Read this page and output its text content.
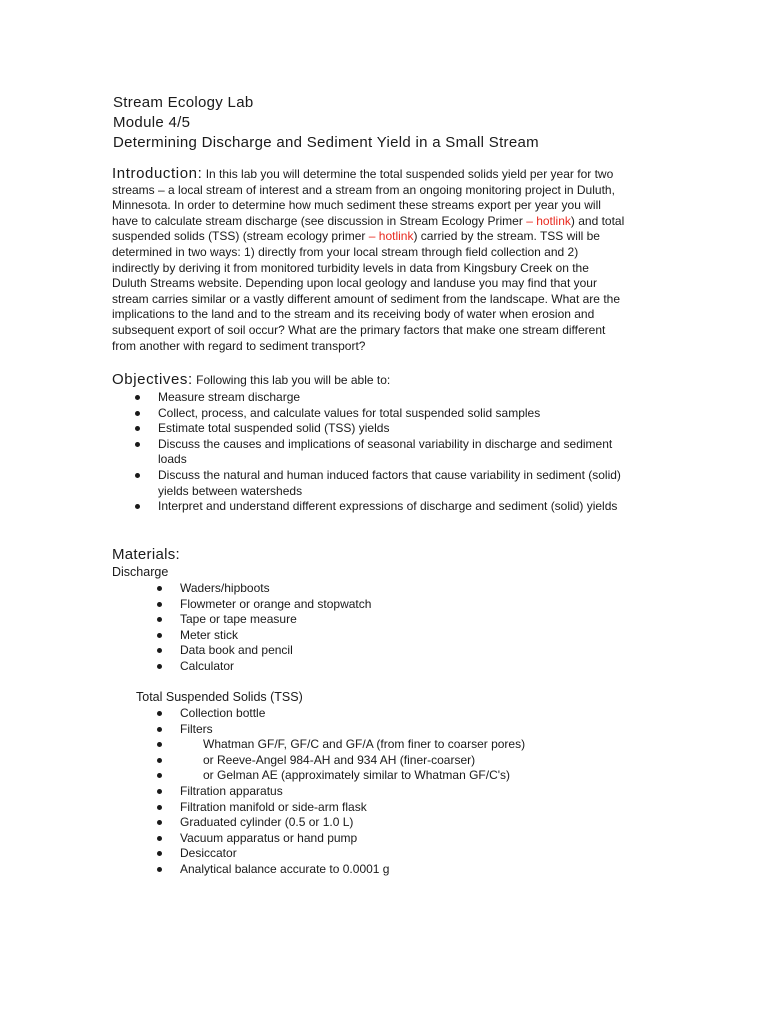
Stream Ecology Lab
Module 4/5
Determining Discharge and Sediment Yield in a Small Stream
Introduction: In this lab you will determine the total suspended solids yield per year for two
streams – a local stream of interest and a stream from an ongoing monitoring project in Duluth,
Minnesota. In order to determine how much sediment these streams export per year you will
have to calculate stream discharge (see discussion in Stream Ecology Primer – hotlink) and total
suspended solids (TSS) (stream ecology primer – hotlink) carried by the stream. TSS will be
determined in two ways: 1) directly from your local stream through field collection and 2)
indirectly by deriving it from monitored turbidity levels in data from Kingsbury Creek on the
Duluth Streams website. Depending upon local geology and landuse you may find that your
stream carries similar or a vastly different amount of sediment from the landscape. What are the
implications to the land and to the stream and its receiving body of water when erosion and
subsequent export of soil occur? What are the primary factors that make one stream different
from another with regard to sediment transport?
Objectives: Following this lab you will be able to:
Measure stream discharge
Collect, process, and calculate values for total suspended solid samples
Estimate total suspended solid (TSS) yields
Discuss the causes and implications of seasonal variability in discharge and sediment
loads
Discuss the natural and human induced factors that cause variability in sediment (solid)
yields between watersheds
Interpret and understand different expressions of discharge and sediment (solid) yields
Materials:
Discharge
Waders/hipboots
Flowmeter or orange and stopwatch
Tape or tape measure
Meter stick
Data book and pencil
Calculator
Total Suspended Solids (TSS)
Collection bottle
Filters
Whatman GF/F, GF/C and GF/A (from finer to coarser pores)
or Reeve-Angel 984-AH and 934 AH (finer-coarser)
or Gelman AE (approximately similar to Whatman GF/C's)
Filtration apparatus
Filtration manifold or side-arm flask
Graduated cylinder (0.5 or 1.0 L)
Vacuum apparatus or hand pump
Desiccator
Analytical balance accurate to 0.0001 g
